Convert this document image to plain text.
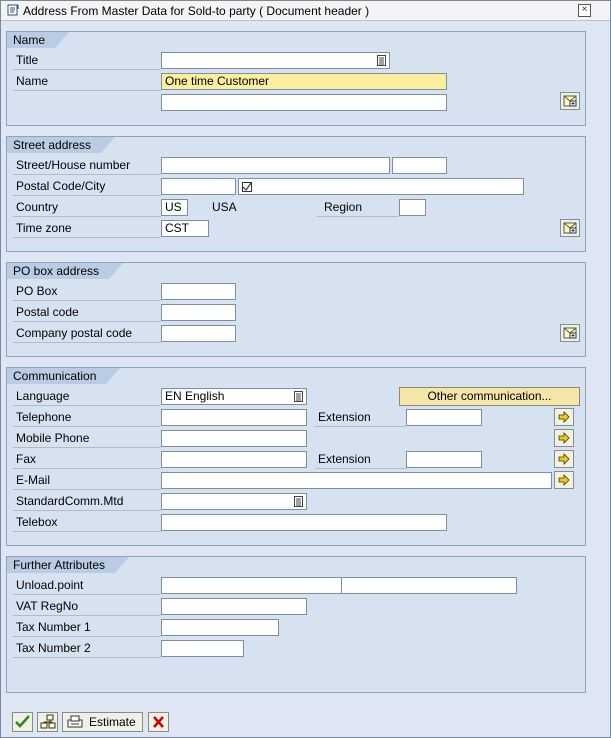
Address From Master Data for Sold-to party ( Document header )	×
Name
Title
Name	One time Customer
Street address
Street/House number
Postal Code/City
Country	US	USA	Region
Time zone	CST
PO box address
PO Box
Postal code
Company postal code
Communication
Language	EN English	Other communication...
Telephone	Extension
Mobile Phone
Fax	Extension
E-Mail
StandardComm.Mtd
Telebox
Further Attributes
Unload.point
VAT RegNo
Tax Number 1
Tax Number 2
Estimate
